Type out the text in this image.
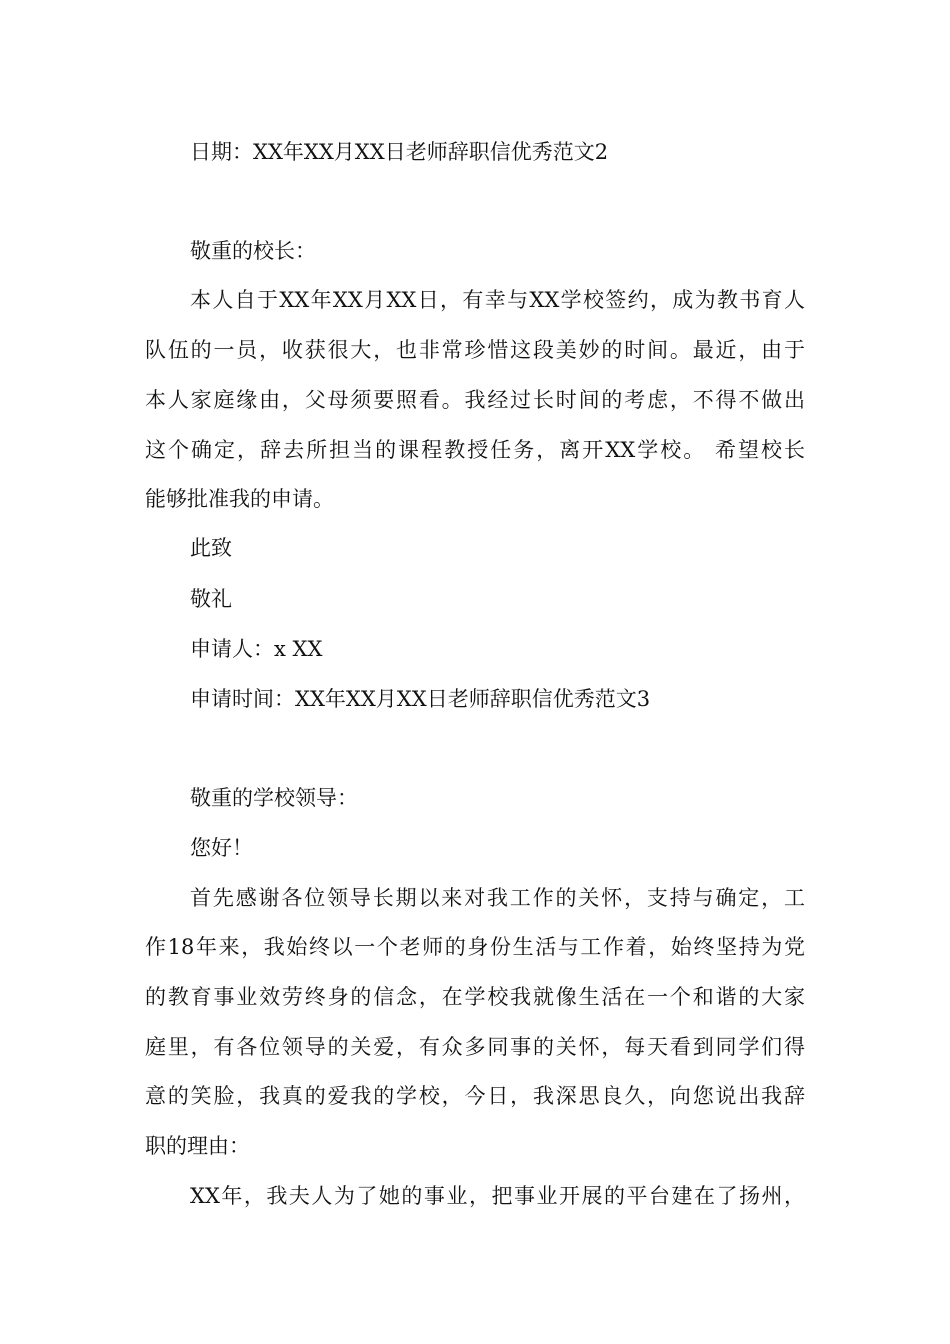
日期：XX年XX月XX日老师辞职信优秀范文2
敬重的校长：
本人自于XX年XX月XX日，有幸与XX学校签约，成为教书育人
队伍的一员，收获很大，也非常珍惜这段美妙的时间。最近，由于
本人家庭缘由，父母须要照看。我经过长时间的考虑，不得不做出
这个确定，辞去所担当的课程教授任务，离开XX学校。 希望校长
能够批准我的申请。
此致
敬礼
申请人：x XX
申请时间：XX年XX月XX日老师辞职信优秀范文3
敬重的学校领导：
您好！
首先感谢各位领导长期以来对我工作的关怀，支持与确定，工
作18年来，我始终以一个老师的身份生活与工作着，始终坚持为党
的教育事业效劳终身的信念，在学校我就像生活在一个和谐的大家
庭里，有各位领导的关爱，有众多同事的关怀，每天看到同学们得
意的笑脸，我真的爱我的学校，今日，我深思良久，向您说出我辞
职的理由：
XX年，我夫人为了她的事业，把事业开展的平台建在了扬州，
